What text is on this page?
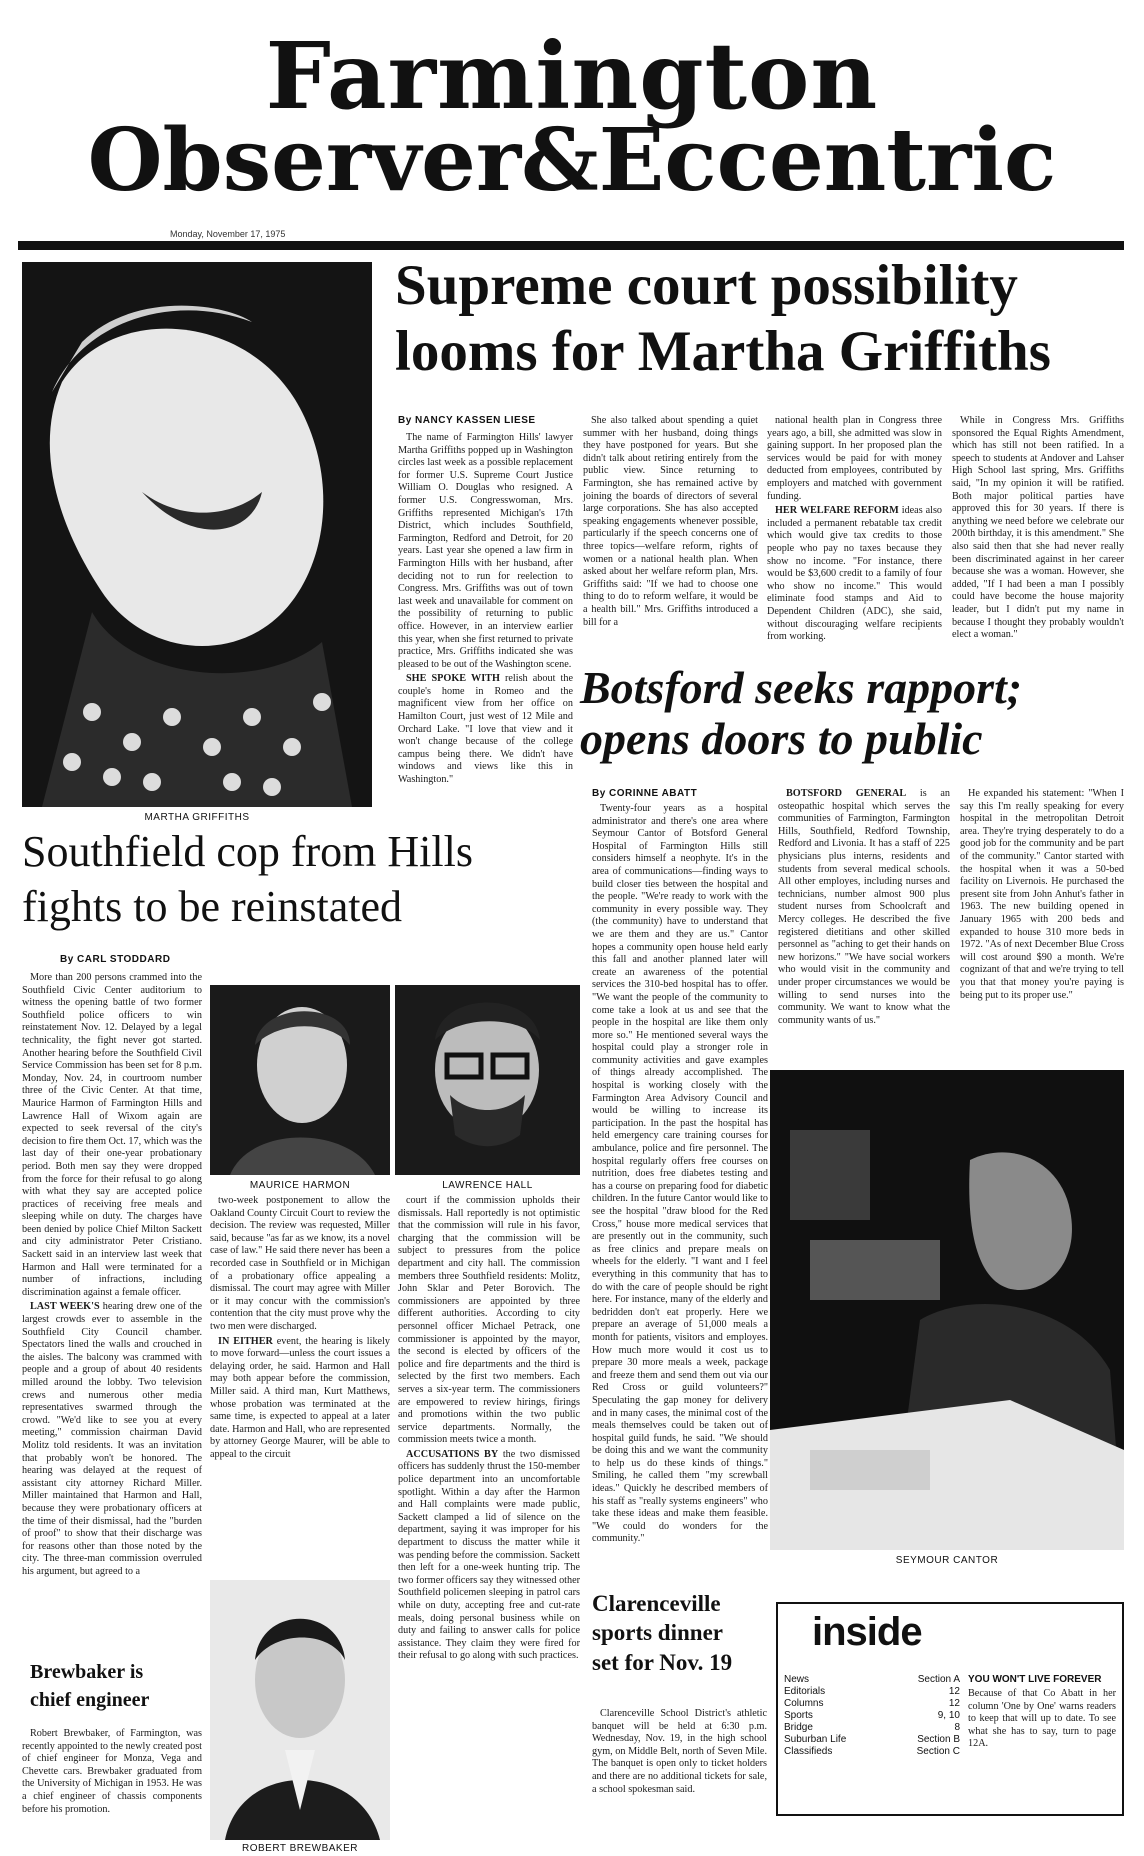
Farmington
Observer&Eccentric
Monday, November 17, 1975
MARTHA GRIFFITHS
Supreme court possibility
looms for Martha Griffiths
By NANCY KASSEN LIESE

The name of Farmington Hills' lawyer Martha Griffiths popped up in Washington circles last week as a possible replacement for former U.S. Supreme Court Justice William O. Douglas who resigned. A former U.S. Congresswoman, Mrs. Griffiths represented Michigan's 17th District, which includes Southfield, Farmington, Redford and Detroit, for 20 years. Last year she opened a law firm in Farmington Hills with her husband, after deciding not to run for reelection to Congress. Mrs. Griffiths was out of town last week and unavailable for comment on the possibility of returning to public office. However, in an interview earlier this year, when she first returned to private practice, Mrs. Griffiths indicated she was pleased to be out of the Washington scene.

SHE SPOKE WITH relish about the couple's home in Romeo and the magnificent view from her office on Hamilton Court, just west of 12 Mile and Orchard Lake. "I love that view and it won't change because of the college campus being there. We didn't have windows and views like this in Washington."

She also talked about spending a quiet summer with her husband, doing things they have postponed for years. But she didn't talk about retiring entirely from the public view. Since returning to Farmington, she has remained active by joining the boards of directors of several large corporations. She has also accepted speaking engagements whenever possible, particularly if the speech concerns one of three topics—welfare reform, rights of women or a national health plan. When asked about her welfare reform plan, Mrs. Griffiths said: "If we had to choose one thing to do to reform welfare, it would be a health bill." Mrs. Griffiths introduced a bill for a

national health plan in Congress three years ago, a bill, she admitted was slow in gaining support. In her proposed plan the services would be paid for with money deducted from employees, contributed by employers and matched with government funding.

HER WELFARE REFORM ideas also included a permanent rebatable tax credit which would give tax credits to those people who pay no taxes because they show no income. "For instance, there would be $3,600 credit to a family of four who show no income." This would eliminate food stamps and Aid to Dependent Children (ADC), she said, without discouraging welfare recipients from working.

While in Congress Mrs. Griffiths sponsored the Equal Rights Amendment, which has still not been ratified. In a speech to students at Andover and Lahser High School last spring, Mrs. Griffiths said, "In my opinion it will be ratified. Both major political parties have approved this for 30 years. If there is anything we need before we celebrate our 200th birthday, it is this amendment." She also said then that she had never really been discriminated against in her career because she was a woman. However, she added, "If I had been a man I possibly could have become the house majority leader, but I didn't put my name in because I thought they probably wouldn't elect a woman."

Botsford seeks rapport;
opens doors to public
Southfield cop from Hills
fights to be reinstated
By CARL STODDARD
By CORINNE ABATT

Twenty-four years as a hospital administrator and there's one area where Seymour Cantor of Botsford General Hospital of Farmington Hills still considers himself a neophyte. It's in the area of communications—finding ways to build closer ties between the hospital and the people. "We're ready to work with the community in every possible way. They (the community) have to understand that we are them and they are us." Cantor hopes a community open house held early this fall and another planned later will create an awareness of the potential services the 310-bed hospital has to offer. "We want the people of the community to come take a look at us and see that the people in the hospital are like them only more so." He mentioned several ways the hospital could play a stronger role in community activities and gave examples of things already accomplished. The hospital is working closely with the Farmington Area Advisory Council and would be willing to increase its participation. In the past the hospital has held emergency care training courses for ambulance, police and fire personnel. The hospital regularly offers free courses on nutrition, does free diabetes testing and has a course on preparing food for diabetic children. In the future Cantor would like to see the hospital "draw blood for the Red Cross," house more medical services that are presently out in the community, such as free clinics and prepare meals on wheels for the elderly. "I want and I feel everything in this community that has to do with the care of people should be right here. For instance, many of the elderly and bedridden don't eat properly. Here we prepare an average of 51,000 meals a month for patients, visitors and employes. How much more would it cost us to prepare 30 more meals a week, package and freeze them and send them out via our Red Cross or guild volunteers?" Speculating the gap money for delivery and in many cases, the minimal cost of the meals themselves could be taken out of hospital guild funds, he said. "We should be doing this and we want the community to help us do these kinds of things." Smiling, he called them "my screwball ideas." Quickly he described members of his staff as "really systems engineers" who take these ideas and make them feasible. "We could do wonders for the community."

BOTSFORD GENERAL is an osteopathic hospital which serves the communities of Farmington, Farmington Hills, Southfield, Redford Township, Redford and Livonia. It has a staff of 225 physicians plus interns, residents and students from several medical schools. All other employes, including nurses and technicians, number almost 900 plus student nurses from Schoolcraft and Mercy colleges. He described the five registered dietitians and other skilled personnel as "aching to get their hands on new horizons." "We have social workers who would visit in the community and under proper circumstances we would be willing to send nurses into the community. We want to know what the community wants of us."

He expanded his statement: "When I say this I'm really speaking for every hospital in the metropolitan Detroit area. They're trying desperately to do a good job for the community and be part of the community." Cantor started with the hospital when it was a 50-bed facility on Livernois. He purchased the present site from John Anhut's father in 1963. The new building opened in January 1965 with 200 beds and expanded to house 310 more beds in 1972. "As of next December Blue Cross will cost around $90 a month. We're cognizant of that and we're trying to tell you that that money you're paying is being put to its proper use."

SEYMOUR CANTOR
MAURICE HARMON	LAWRENCE HALL

More than 200 persons crammed into the Southfield Civic Center auditorium to witness the opening battle of two former Southfield police officers to win reinstatement Nov. 12. Delayed by a legal technicality, the fight never got started. Another hearing before the Southfield Civil Service Commission has been set for 8 p.m. Monday, Nov. 24, in courtroom number three of the Civic Center. At that time, Maurice Harmon of Farmington Hills and Lawrence Hall of Wixom again are expected to seek reversal of the city's decision to fire them Oct. 17, which was the last day of their one-year probationary period. Both men say they were dropped from the force for their refusal to go along with what they say are accepted police practices of receiving free meals and sleeping while on duty. The charges have been denied by police Chief Milton Sackett and city administrator Peter Cristiano. Sackett said in an interview last week that Harmon and Hall were terminated for a number of infractions, including discrimination against a female officer.

LAST WEEK'S hearing drew one of the largest crowds ever to assemble in the Southfield City Council chamber. Spectators lined the walls and crouched in the aisles. The balcony was crammed with people and a group of about 40 residents milled around the lobby. Two television crews and numerous other media representatives swarmed through the crowd. "We'd like to see you at every meeting," commission chairman David Molitz told residents. It was an invitation that probably won't be honored. The hearing was delayed at the request of assistant city attorney Richard Miller. Miller maintained that Harmon and Hall, because they were probationary officers at the time of their dismissal, had the "burden of proof" to show that their discharge was for reasons other than those noted by the city. The three-man commission overruled his argument, but agreed to a

two-week postponement to allow the Oakland County Circuit Court to review the decision. The review was requested, Miller said, because "as far as we know, its a novel case of law." He said there never has been a recorded case in Southfield or in Michigan of a probationary office appealing a dismissal. The court may agree with Miller or it may concur with the commission's contention that the city must prove why the two men were discharged.

IN EITHER event, the hearing is likely to move forward—unless the court issues a delaying order, he said. Harmon and Hall may both appear before the commission, Miller said. A third man, Kurt Matthews, whose probation was terminated at the same time, is expected to appeal at a later date. Harmon and Hall, who are represented by attorney George Maurer, will be able to appeal to the circuit

court if the commission upholds their dismissals. Hall reportedly is not optimistic that the commission will rule in his favor, charging that the commission will be subject to pressures from the police department and city hall. The commission members three Southfield residents: Molitz, John Sklar and Peter Borovich. The commissioners are appointed by three different authorities. According to city personnel officer Michael Petrack, one commissioner is appointed by the mayor, the second is elected by officers of the police and fire departments and the third is selected by the first two members. Each serves a six-year term. The commissioners are empowered to review hirings, firings and promotions within the two public service departments. Normally, the commission meets twice a month.

ACCUSATIONS BY the two dismissed officers has suddenly thrust the 150-member police department into an uncomfortable spotlight. Within a day after the Harmon and Hall complaints were made public, Sackett clamped a lid of silence on the department, saying it was improper for his department to discuss the matter while it was pending before the commission. Sackett then left for a one-week hunting trip. The two former officers say they witnessed other Southfield policemen sleeping in patrol cars while on duty, accepting free and cut-rate meals, doing personal business while on duty and failing to answer calls for police assistance. They claim they were fired for their refusal to go along with such practices.

ROBERT BREWBAKER
Brewbaker is
chief engineer

Robert Brewbaker, of Farmington, was recently appointed to the newly created post of chief engineer for Monza, Vega and Chevette cars. Brewbaker graduated from the University of Michigan in 1953. He was a chief engineer of chassis components before his promotion.

Clarenceville
sports dinner
set for Nov. 19

Clarenceville School District's athletic banquet will be held at 6:30 p.m. Wednesday, Nov. 19, in the high school gym, on Middle Belt, north of Seven Mile. The banquet is open only to ticket holders and there are no additional tickets for sale, a school spokesman said.

inside
News	Section A
Editorials	12
Columns	12
Sports	9, 10
Bridge	8
Suburban Life	Section B
Classifieds	Section C
YOU WON'T LIVE FOREVER
Because of that Co Abatt in her column 'One by One' warns readers to keep that will up to date. To see what she has to say, turn to page 12A.
